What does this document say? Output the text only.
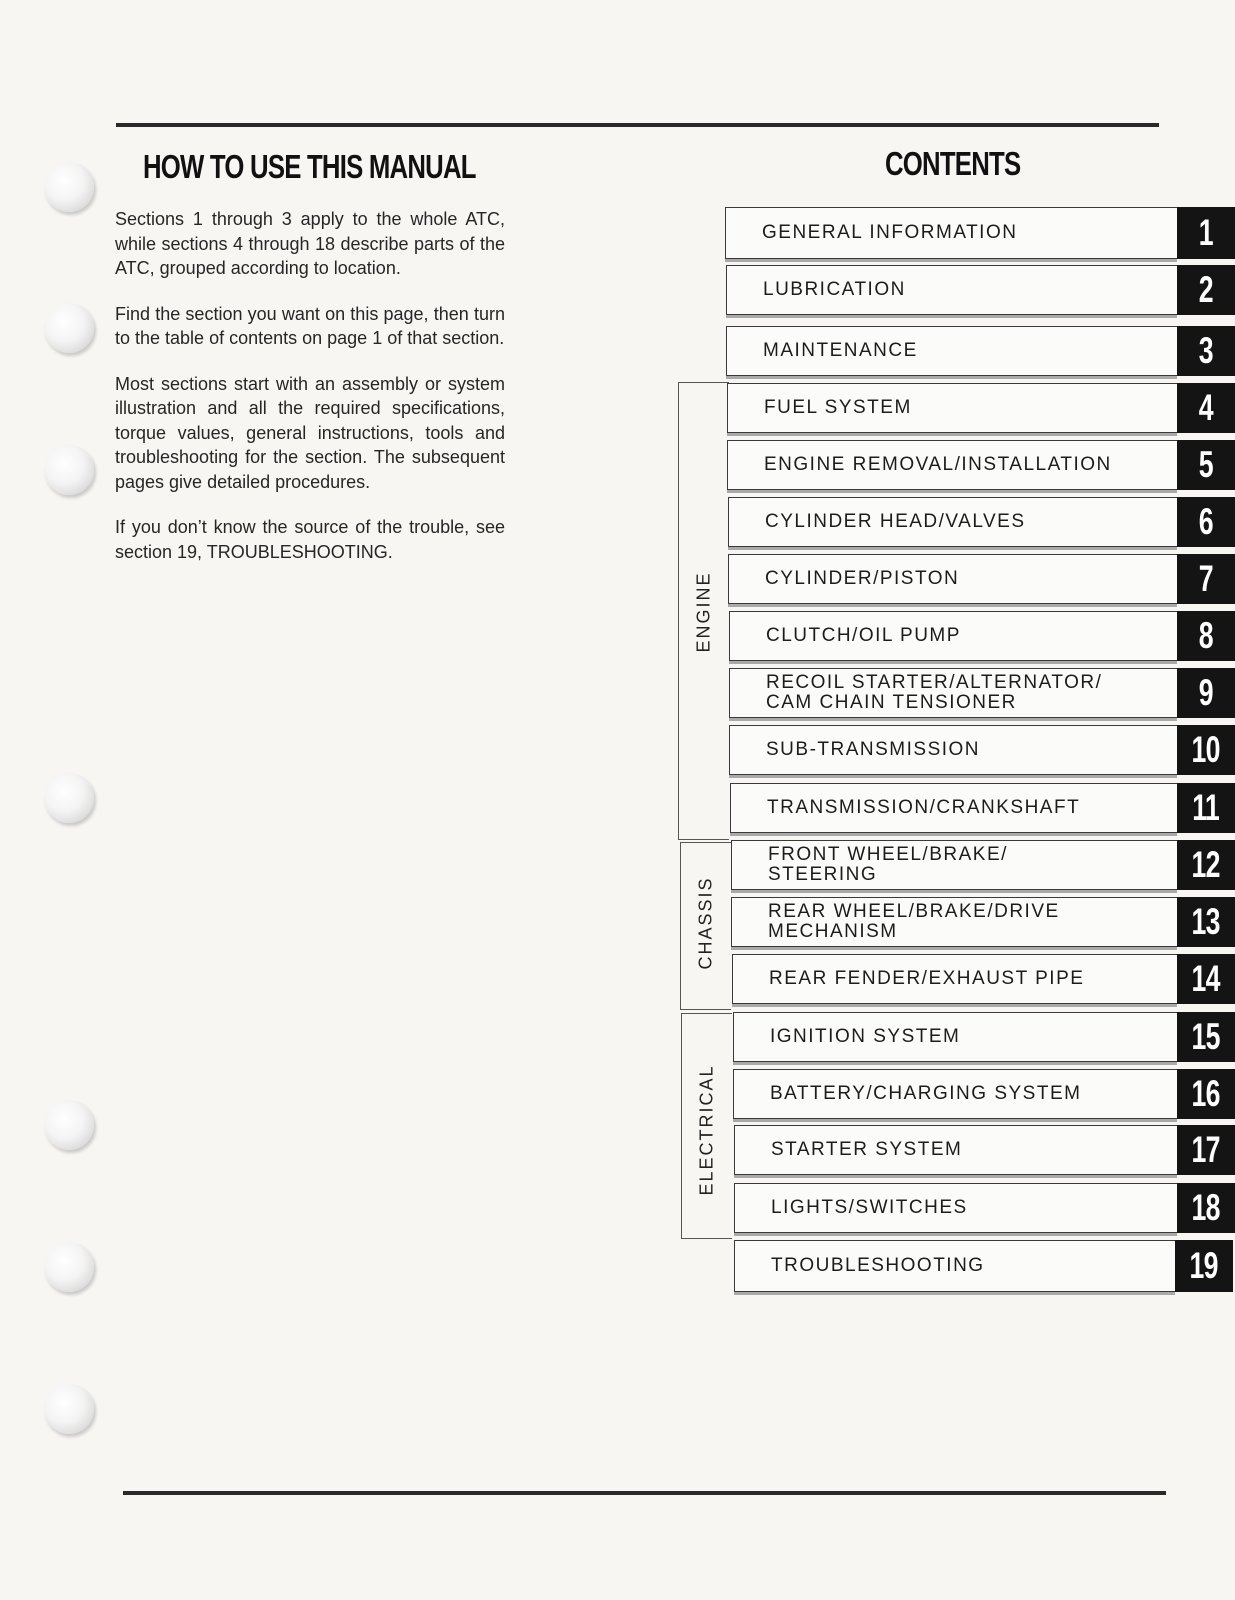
HOW TO USE THIS MANUAL

Sections 1 through 3 apply to the whole ATC, while sections 4 through 18 describe parts of the ATC, grouped according to location.

Find the section you want on this page, then turn to the table of contents on page 1 of that section.

Most sections start with an assembly or system illustration and all the required specifications, torque values, general instructions, tools and troubleshooting for the section. The subsequent pages give detailed procedures.

If you don’t know the source of the trouble, see section 19, TROUBLESHOOTING.

CONTENTS
ENGINE
CHASSIS
ELECTRICAL
GENERAL INFORMATION	1
LUBRICATION	2
MAINTENANCE	3
FUEL SYSTEM	4
ENGINE REMOVAL/INSTALLATION	5
CYLINDER HEAD/VALVES	6
CYLINDER/PISTON	7
CLUTCH/OIL PUMP	8
RECOIL STARTER/ALTERNATOR/
CAM CHAIN TENSIONER	9
SUB-TRANSMISSION	10
TRANSMISSION/CRANKSHAFT	11
FRONT WHEEL/BRAKE/
STEERING	12
REAR WHEEL/BRAKE/DRIVE
MECHANISM	13
REAR FENDER/EXHAUST PIPE	14
IGNITION SYSTEM	15
BATTERY/CHARGING SYSTEM	16
STARTER SYSTEM	17
LIGHTS/SWITCHES	18
TROUBLESHOOTING	19
